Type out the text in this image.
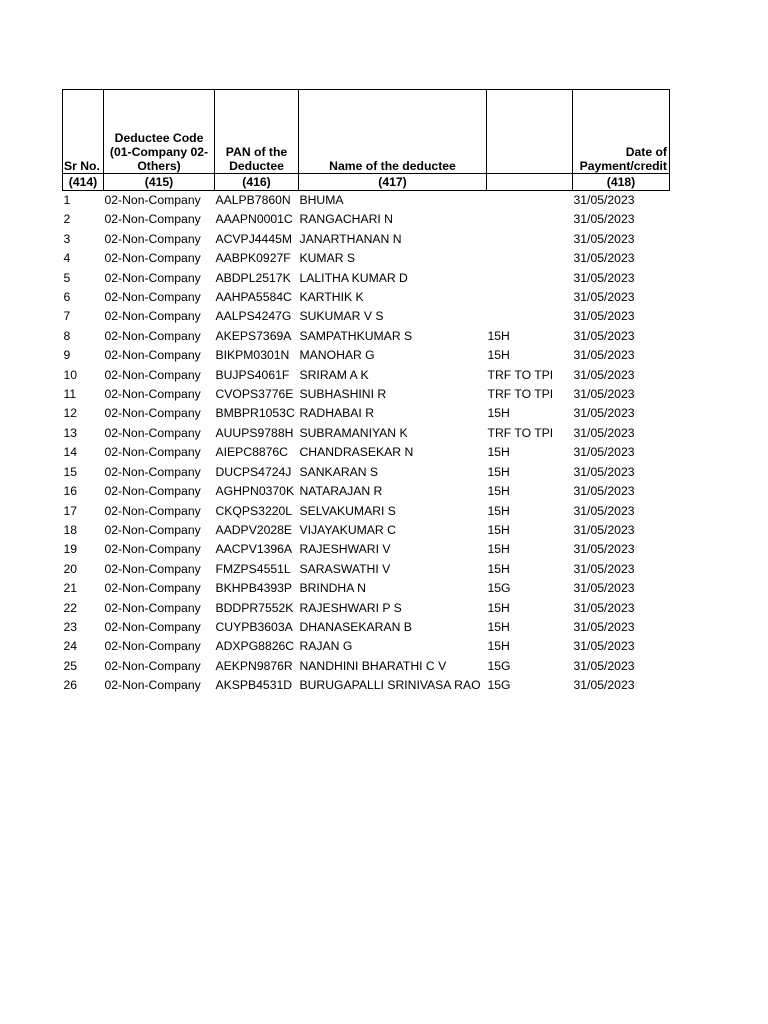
Sr No.	Deductee Code (01-Company 02-Others)	PAN of the Deductee	Name of the deductee		Date of Payment/credit
(414)	(415)	(416)	(417)		(418)
1	02-Non-Company	AALPB7860N	BHUMA		31/05/2023
2	02-Non-Company	AAAPN0001C	RANGACHARI N		31/05/2023
3	02-Non-Company	ACVPJ4445M	JANARTHANAN N		31/05/2023
4	02-Non-Company	AABPK0927F	KUMAR S		31/05/2023
5	02-Non-Company	ABDPL2517K	LALITHA KUMAR D		31/05/2023
6	02-Non-Company	AAHPA5584C	KARTHIK K		31/05/2023
7	02-Non-Company	AALPS4247G	SUKUMAR V S		31/05/2023
8	02-Non-Company	AKEPS7369A	SAMPATHKUMAR S	15H	31/05/2023
9	02-Non-Company	BIKPM0301N	MANOHAR G	15H	31/05/2023
10	02-Non-Company	BUJPS4061F	SRIRAM A K	TRF TO TPI	31/05/2023
11	02-Non-Company	CVOPS3776E	SUBHASHINI R	TRF TO TPI	31/05/2023
12	02-Non-Company	BMBPR1053C	RADHABAI R	15H	31/05/2023
13	02-Non-Company	AUUPS9788H	SUBRAMANIYAN K	TRF TO TPI	31/05/2023
14	02-Non-Company	AIEPC8876C	CHANDRASEKAR N	15H	31/05/2023
15	02-Non-Company	DUCPS4724J	SANKARAN S	15H	31/05/2023
16	02-Non-Company	AGHPN0370K	NATARAJAN R	15H	31/05/2023
17	02-Non-Company	CKQPS3220L	SELVAKUMARI S	15H	31/05/2023
18	02-Non-Company	AADPV2028E	VIJAYAKUMAR C	15H	31/05/2023
19	02-Non-Company	AACPV1396A	RAJESHWARI V	15H	31/05/2023
20	02-Non-Company	FMZPS4551L	SARASWATHI V	15H	31/05/2023
21	02-Non-Company	BKHPB4393P	BRINDHA N	15G	31/05/2023
22	02-Non-Company	BDDPR7552K	RAJESHWARI P S	15H	31/05/2023
23	02-Non-Company	CUYPB3603A	DHANASEKARAN B	15H	31/05/2023
24	02-Non-Company	ADXPG8826C	RAJAN G	15H	31/05/2023
25	02-Non-Company	AEKPN9876R	NANDHINI BHARATHI C V	15G	31/05/2023
26	02-Non-Company	AKSPB4531D	BURUGAPALLI SRINIVASA RAO	15G	31/05/2023
